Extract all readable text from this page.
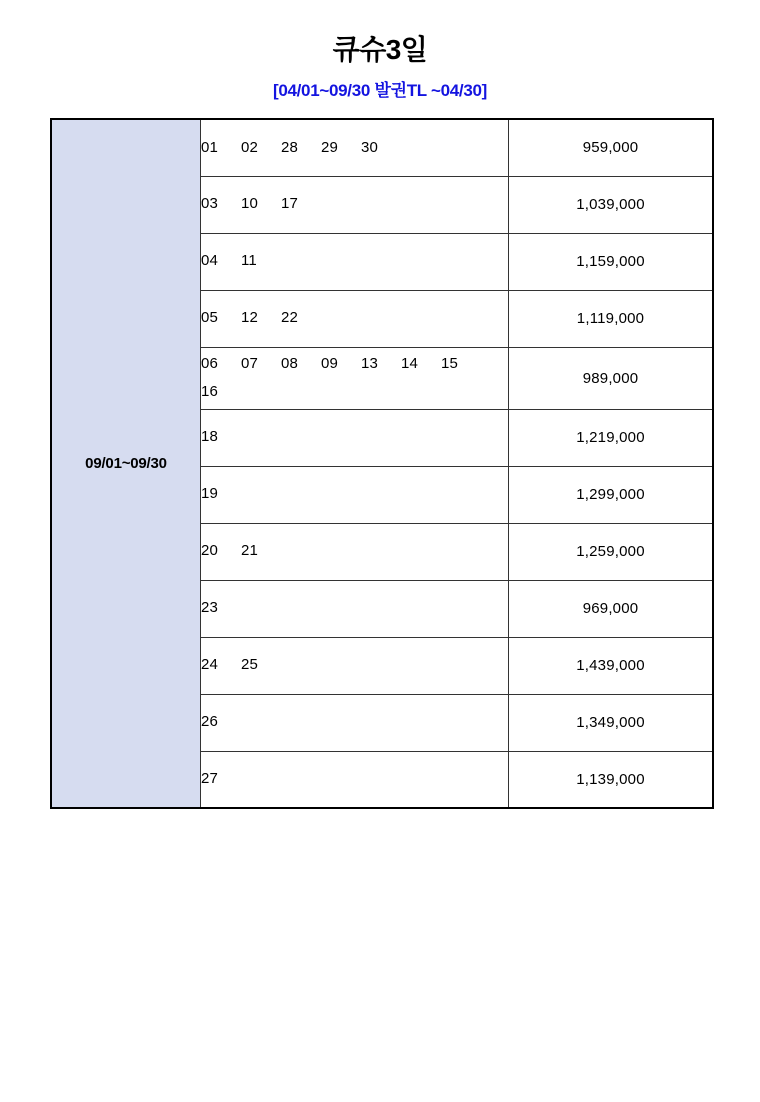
큐슈3일
[04/01~09/30 발권TL ~04/30]
09/01~09/30	01 02 28 29 30	959,000
	03 10 17	1,039,000
	04 11	1,159,000
	05 12 22	1,119,000
	06 07 08 09 13 14 1516	989,000
	18	1,219,000
	19	1,299,000
	20 21	1,259,000
	23	969,000
	24 25	1,439,000
	26	1,349,000
	27	1,139,000
